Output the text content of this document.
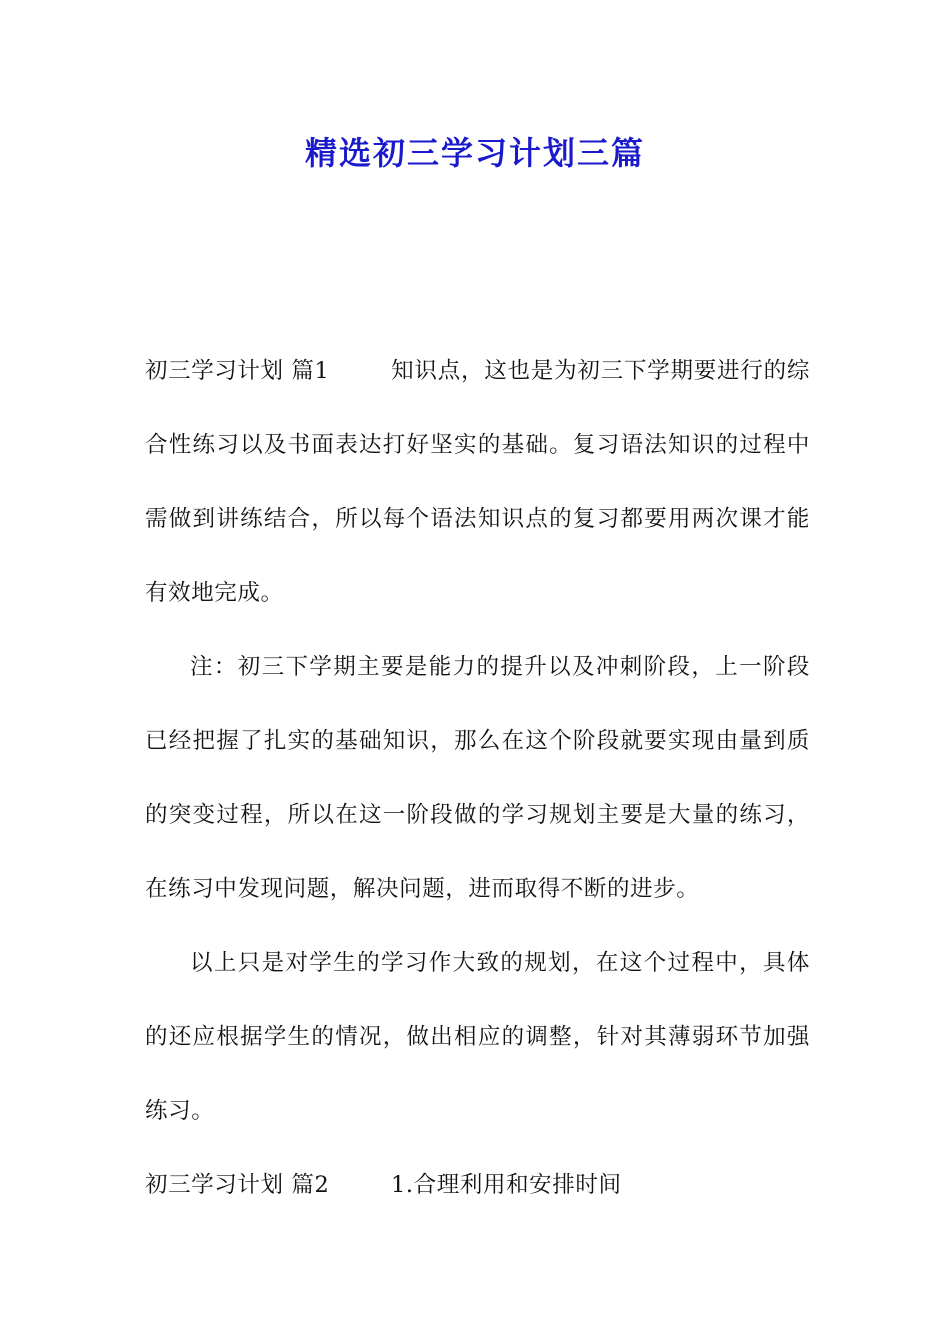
精选初三学习计划三篇

初三学习计划 篇1	知识点，这也是为初三下学期要进行的综合性练习以及书面表达打好坚实的基础。复习语法知识的过程中需做到讲练结合，所以每个语法知识点的复习都要用两次课才能有效地完成。

注：初三下学期主要是能力的提升以及冲刺阶段，上一阶段已经把握了扎实的基础知识，那么在这个阶段就要实现由量到质的突变过程，所以在这一阶段做的学习规划主要是大量的练习，在练习中发现问题，解决问题，进而取得不断的进步。

以上只是对学生的学习作大致的规划，在这个过程中，具体的还应根据学生的情况，做出相应的调整，针对其薄弱环节加强练习。

初三学习计划 篇2	1.合理利用和安排时间
